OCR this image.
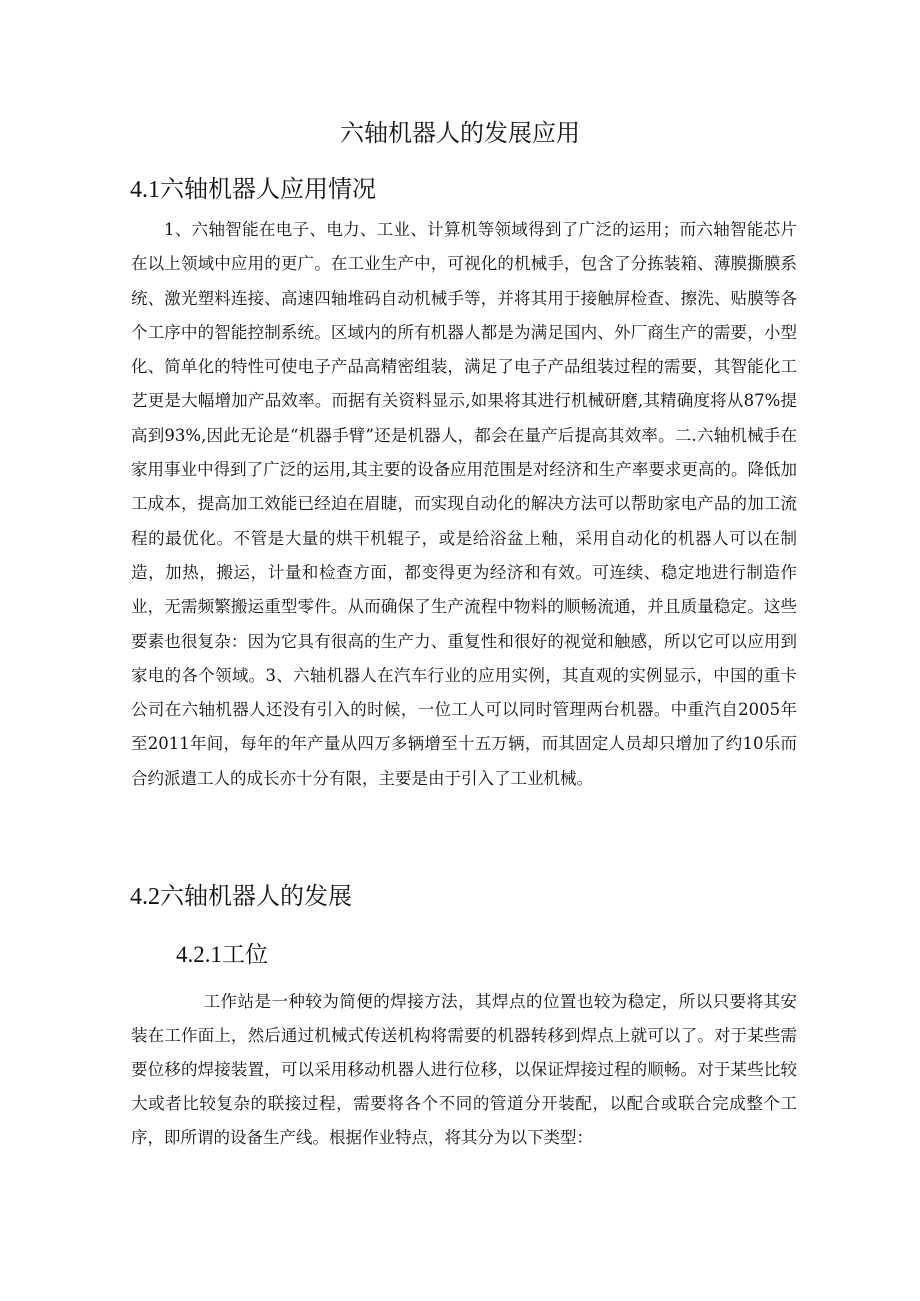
六轴机器人的发展应用
4.1六轴机器人应用情况

1、六轴智能在电子、电力、工业、计算机等领域得到了广泛的运用；而六轴智能芯片在以上领域中应用的更广。在工业生产中，可视化的机械手，包含了分拣装箱、薄膜撕膜系统、激光塑料连接、高速四轴堆码自动机械手等，并将其用于接触屏检查、擦洗、贴膜等各个工序中的智能控制系统。区域内的所有机器人都是为满足国内、外厂商生产的需要，小型化、简单化的特性可使电子产品高精密组装，满足了电子产品组装过程的需要，其智能化工艺更是大幅增加产品效率。而据有关资料显示,如果将其进行机械研磨,其精确度将从87%提高到93%,因此无论是“机器手臂”还是机器人，都会在量产后提高其效率。二.六轴机械手在家用事业中得到了广泛的运用,其主要的设备应用范围是对经济和生产率要求更高的。降低加工成本，提高加工效能已经迫在眉睫，而实现自动化的解决方法可以帮助家电产品的加工流程的最优化。不管是大量的烘干机辊子，或是给浴盆上釉，采用自动化的机器人可以在制造，加热，搬运，计量和检查方面，都变得更为经济和有效。可连续、稳定地进行制造作业，无需频繁搬运重型零件。从而确保了生产流程中物料的顺畅流通，并且质量稳定。这些要素也很复杂：因为它具有很高的生产力、重复性和很好的视觉和触感，所以它可以应用到家电的各个领域。3、六轴机器人在汽车行业的应用实例，其直观的实例显示，中国的重卡公司在六轴机器人还没有引入的时候，一位工人可以同时管理两台机器。中重汽自2005年至2011年间，每年的年产量从四万多辆增至十五万辆，而其固定人员却只增加了约10乐而合约派遣工人的成长亦十分有限，主要是由于引入了工业机械。

4.2六轴机器人的发展
4.2.1工位

工作站是一种较为简便的焊接方法，其焊点的位置也较为稳定，所以只要将其安装在工作面上，然后通过机械式传送机构将需要的机器转移到焊点上就可以了。对于某些需要位移的焊接装置，可以采用移动机器人进行位移，以保证焊接过程的顺畅。对于某些比较大或者比较复杂的联接过程，需要将各个不同的管道分开装配，以配合或联合完成整个工序，即所谓的设备生产线。根据作业特点，将其分为以下类型：
